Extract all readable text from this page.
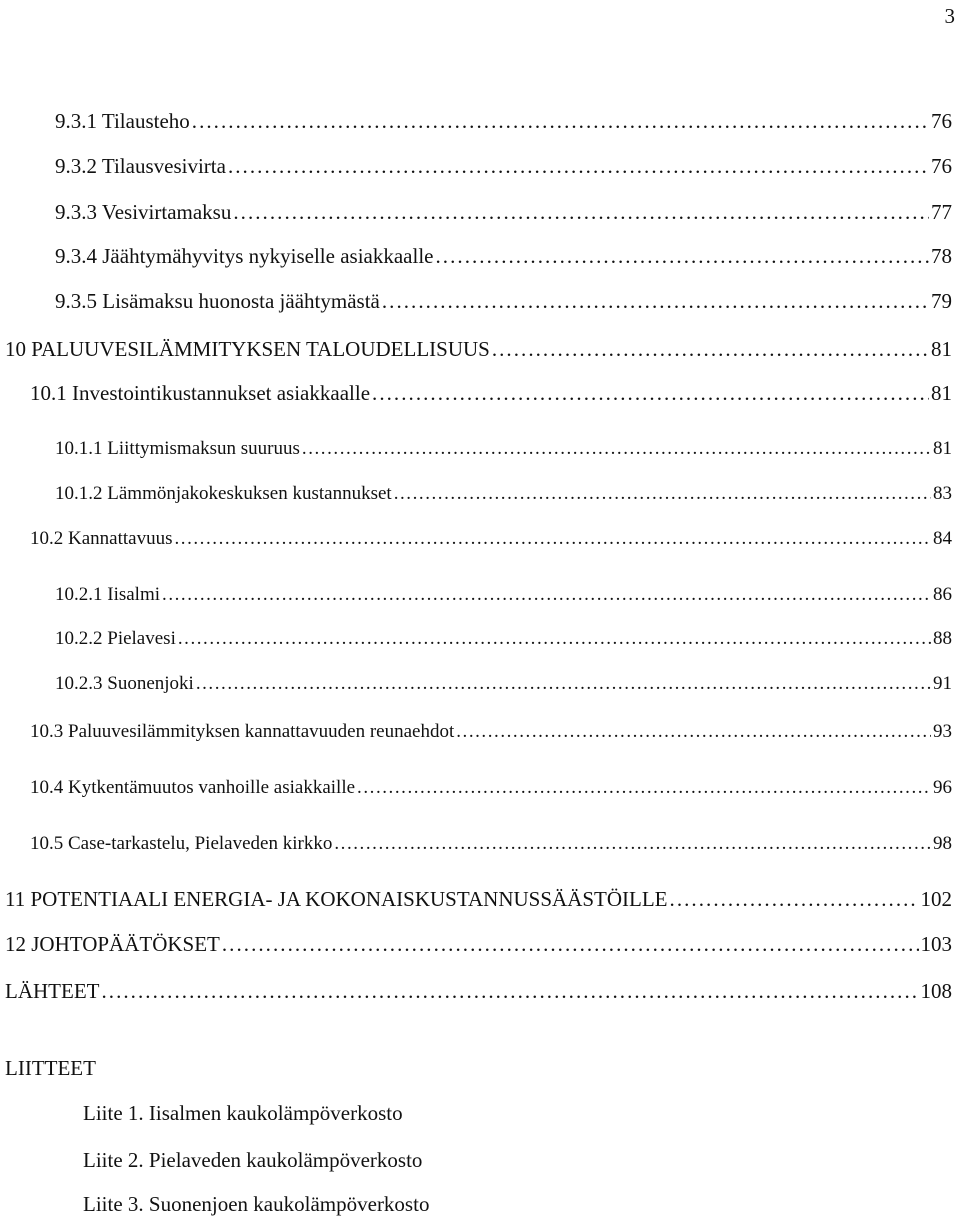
3
9.3.1 Tilausteho . . .	76
9.3.2 Tilausvesivirta . . .	76
9.3.3 Vesivirtamaksu . . .	77
9.3.4 Jäähtymähyvitys nykyiselle asiakkaalle . . .	78
9.3.5 Lisämaksu huonosta jäähtymästä . . .	79
10 PALUUVESILÄMMITYKSEN TALOUDELLISUUS . . .	81
10.1 Investointikustannukset asiakkaalle . . .	81
10.1.1 Liittymismaksun suuruus . . .	81
10.1.2 Lämmönjakokeskuksen kustannukset . . .	83
10.2 Kannattavuus . . .	84
10.2.1 Iisalmi . . .	86
10.2.2 Pielavesi . . .	88
10.2.3 Suonenjoki . . .	91
10.3 Paluuvesilämmityksen kannattavuuden reunaehdot . . .	93
10.4 Kytkentämuutos vanhoille asiakkaille . . .	96
10.5 Case-tarkastelu, Pielaveden kirkko . . .	98
11 POTENTIAALI ENERGIA- JA KOKONAISKUSTANNUSSÄÄSTÖILLE . . .	102
12 JOHTOPÄÄTÖKSET . . .	103
LÄHTEET . . .	108
LIITTEET
Liite 1. Iisalmen kaukolämpöverkosto
Liite 2. Pielaveden kaukolämpöverkosto
Liite 3. Suonenjoen kaukolämpöverkosto
